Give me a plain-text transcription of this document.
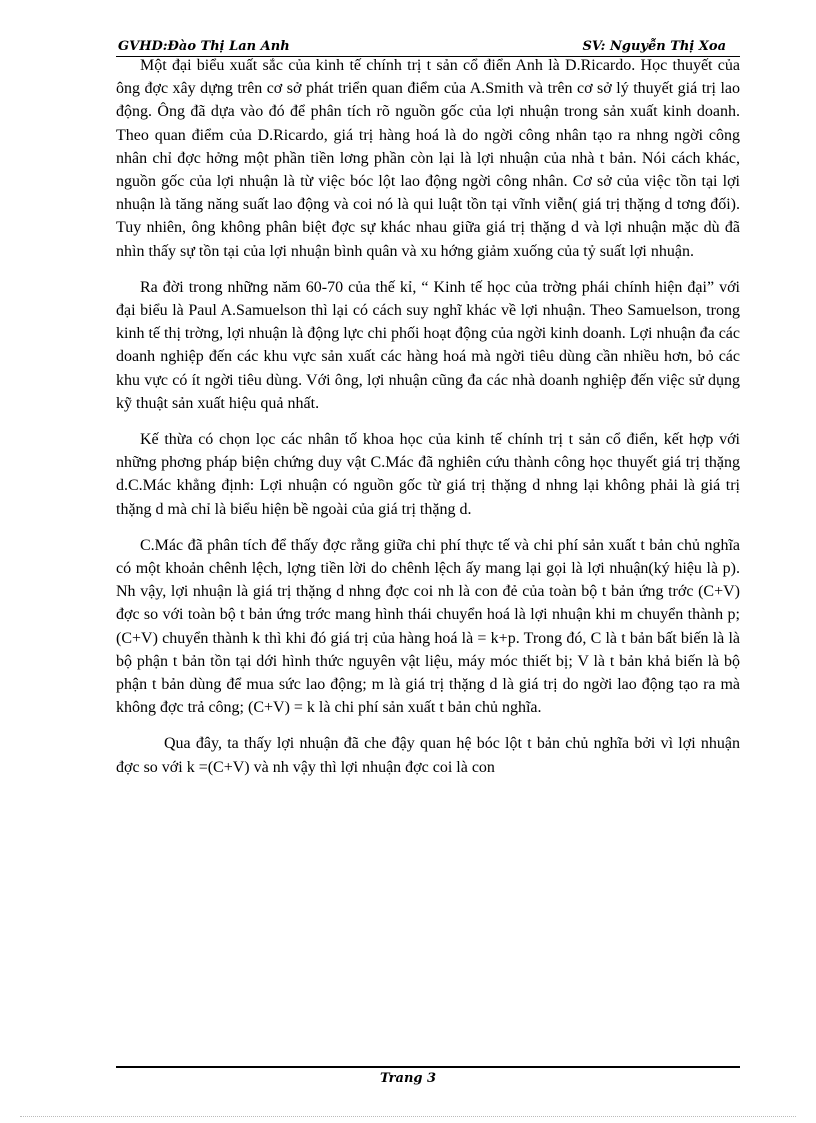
GVHD:Đào Thị Lan Anh	SV: Nguyễn Thị Xoa

Một đại biểu xuất sắc của kinh tế chính trị t sản cổ điển Anh là D.Ricardo. Học thuyết của ông đợc xây dựng trên cơ sở phát triển quan điểm của A.Smith và trên cơ sở lý thuyết giá trị lao động. Ông đã dựa vào đó để phân tích rõ nguồn gốc của lợi nhuận trong sản xuất kinh doanh. Theo quan điểm của D.Ricardo, giá trị hàng hoá là do ngời công nhân tạo ra nhng ngời công nhân chỉ đợc hởng một phần tiền lơng phần còn lại là lợi nhuận của nhà t bản. Nói cách khác, nguồn gốc của lợi nhuận là từ việc bóc lột lao động ngời công nhân. Cơ sở của việc tồn tại lợi nhuận là tăng năng suất lao động và coi nó là qui luật tồn tại vĩnh viễn( giá trị thặng d tơng đối). Tuy nhiên, ông không phân biệt đợc sự khác nhau giữa giá trị thặng d và lợi nhuận mặc dù đã nhìn thấy sự tồn tại của lợi nhuận bình quân và xu hớng giảm xuống của tỷ suất lợi nhuận.

Ra đời trong những năm 60-70 của thế kỉ, “ Kinh tế học của trờng phái chính hiện đại” với đại biểu là Paul A.Samuelson thì lại có cách suy nghĩ khác về lợi nhuận. Theo Samuelson, trong kinh tế thị trờng, lợi nhuận là động lực chi phối hoạt động của ngời kinh doanh. Lợi nhuận đa các doanh nghiệp đến các khu vực sản xuất các hàng hoá mà ngời tiêu dùng cần nhiều hơn, bỏ các khu vực có ít ngời tiêu dùng. Với ông, lợi nhuận cũng đa các nhà doanh nghiệp đến việc sử dụng kỹ thuật sản xuất hiệu quả nhất.

Kế thừa có chọn lọc các nhân tố khoa học của kinh tế chính trị t sản cổ điển, kết hợp với những phơng pháp biện chứng duy vật C.Mác đã nghiên cứu thành công học thuyết giá trị thặng d.C.Mác khẳng định: Lợi nhuận có nguồn gốc từ giá trị thặng d nhng lại không phải là giá trị thặng d mà chỉ là biểu hiện bề ngoài của giá trị thặng d.

C.Mác đã phân tích để thấy đợc rằng giữa chi phí thực tế và chi phí sản xuất t bản chủ nghĩa có một khoản chênh lệch, lợng tiền lời do chênh lệch ấy mang lại gọi là lợi nhuận(ký hiệu là p). Nh vậy, lợi nhuận là giá trị thặng d nhng đợc coi nh là con đẻ của toàn bộ t bản ứng trớc (C+V) đợc so với toàn bộ t bản ứng trớc mang hình thái chuyển hoá là lợi nhuận khi m chuyển thành p; (C+V) chuyển thành k thì khi đó giá trị của hàng hoá là = k+p. Trong đó, C là t bản bất biến là là bộ phận t bản tồn tại dới hình thức nguyên vật liệu, máy móc thiết bị; V là t bản khả biến là bộ phận t bản dùng để mua sức lao động; m là giá trị thặng d là giá trị do ngời lao động tạo ra mà không đợc trả công; (C+V) = k là chi phí sản xuất t bản chủ nghĩa.

Qua đây, ta thấy lợi nhuận đã che đậy quan hệ bóc lột t bản chủ nghĩa bởi vì lợi nhuận đợc so với k =(C+V) và nh vậy thì lợi nhuận đợc coi là con

Trang 3
